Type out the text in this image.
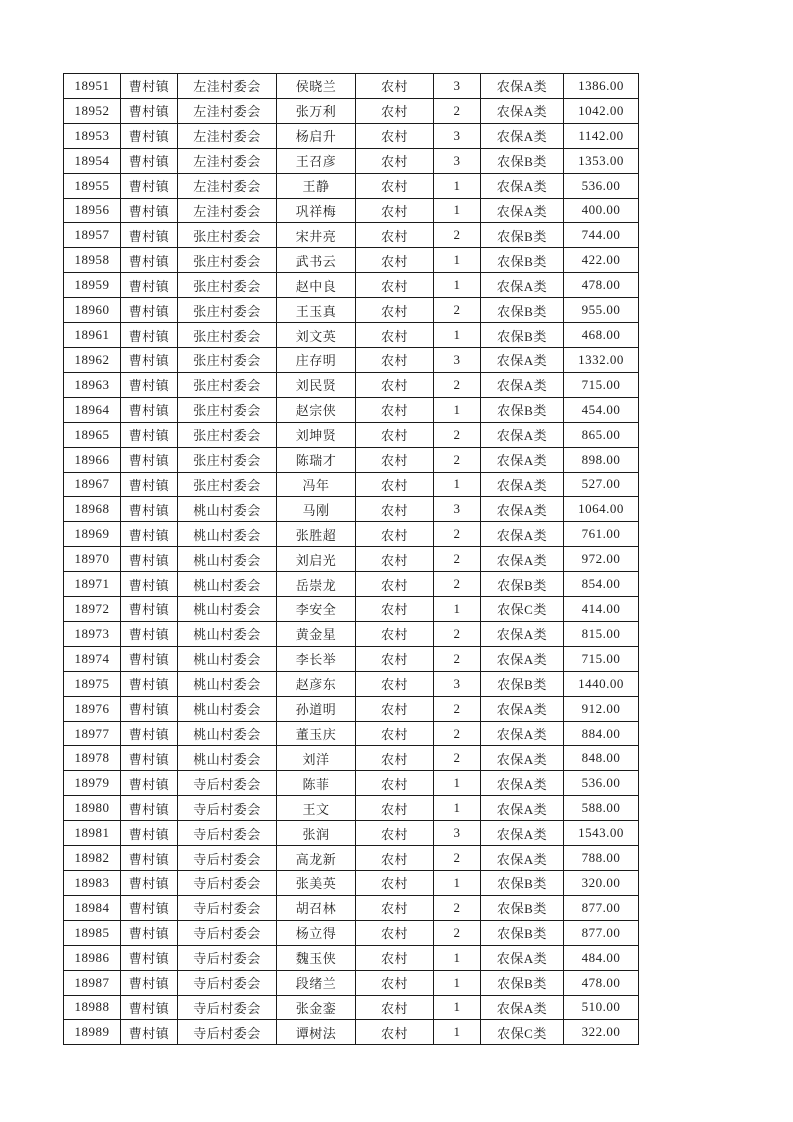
18951	曹村镇	左洼村委会	侯晓兰	农村	3	农保A类	1386.00
18952	曹村镇	左洼村委会	张万利	农村	2	农保A类	1042.00
18953	曹村镇	左洼村委会	杨启升	农村	3	农保A类	1142.00
18954	曹村镇	左洼村委会	王召彦	农村	3	农保B类	1353.00
18955	曹村镇	左洼村委会	王静	农村	1	农保A类	536.00
18956	曹村镇	左洼村委会	巩祥梅	农村	1	农保A类	400.00
18957	曹村镇	张庄村委会	宋井亮	农村	2	农保B类	744.00
18958	曹村镇	张庄村委会	武书云	农村	1	农保B类	422.00
18959	曹村镇	张庄村委会	赵中良	农村	1	农保A类	478.00
18960	曹村镇	张庄村委会	王玉真	农村	2	农保B类	955.00
18961	曹村镇	张庄村委会	刘文英	农村	1	农保B类	468.00
18962	曹村镇	张庄村委会	庄存明	农村	3	农保A类	1332.00
18963	曹村镇	张庄村委会	刘民贤	农村	2	农保A类	715.00
18964	曹村镇	张庄村委会	赵宗侠	农村	1	农保B类	454.00
18965	曹村镇	张庄村委会	刘坤贤	农村	2	农保A类	865.00
18966	曹村镇	张庄村委会	陈瑞才	农村	2	农保A类	898.00
18967	曹村镇	张庄村委会	冯年	农村	1	农保A类	527.00
18968	曹村镇	桃山村委会	马刚	农村	3	农保A类	1064.00
18969	曹村镇	桃山村委会	张胜超	农村	2	农保A类	761.00
18970	曹村镇	桃山村委会	刘启光	农村	2	农保A类	972.00
18971	曹村镇	桃山村委会	岳崇龙	农村	2	农保B类	854.00
18972	曹村镇	桃山村委会	李安全	农村	1	农保C类	414.00
18973	曹村镇	桃山村委会	黄金星	农村	2	农保A类	815.00
18974	曹村镇	桃山村委会	李长举	农村	2	农保A类	715.00
18975	曹村镇	桃山村委会	赵彦东	农村	3	农保B类	1440.00
18976	曹村镇	桃山村委会	孙道明	农村	2	农保A类	912.00
18977	曹村镇	桃山村委会	董玉庆	农村	2	农保A类	884.00
18978	曹村镇	桃山村委会	刘洋	农村	2	农保A类	848.00
18979	曹村镇	寺后村委会	陈菲	农村	1	农保A类	536.00
18980	曹村镇	寺后村委会	王文	农村	1	农保A类	588.00
18981	曹村镇	寺后村委会	张润	农村	3	农保A类	1543.00
18982	曹村镇	寺后村委会	高龙新	农村	2	农保A类	788.00
18983	曹村镇	寺后村委会	张美英	农村	1	农保B类	320.00
18984	曹村镇	寺后村委会	胡召林	农村	2	农保B类	877.00
18985	曹村镇	寺后村委会	杨立得	农村	2	农保B类	877.00
18986	曹村镇	寺后村委会	魏玉侠	农村	1	农保A类	484.00
18987	曹村镇	寺后村委会	段绪兰	农村	1	农保B类	478.00
18988	曹村镇	寺后村委会	张金銮	农村	1	农保A类	510.00
18989	曹村镇	寺后村委会	谭树法	农村	1	农保C类	322.00
